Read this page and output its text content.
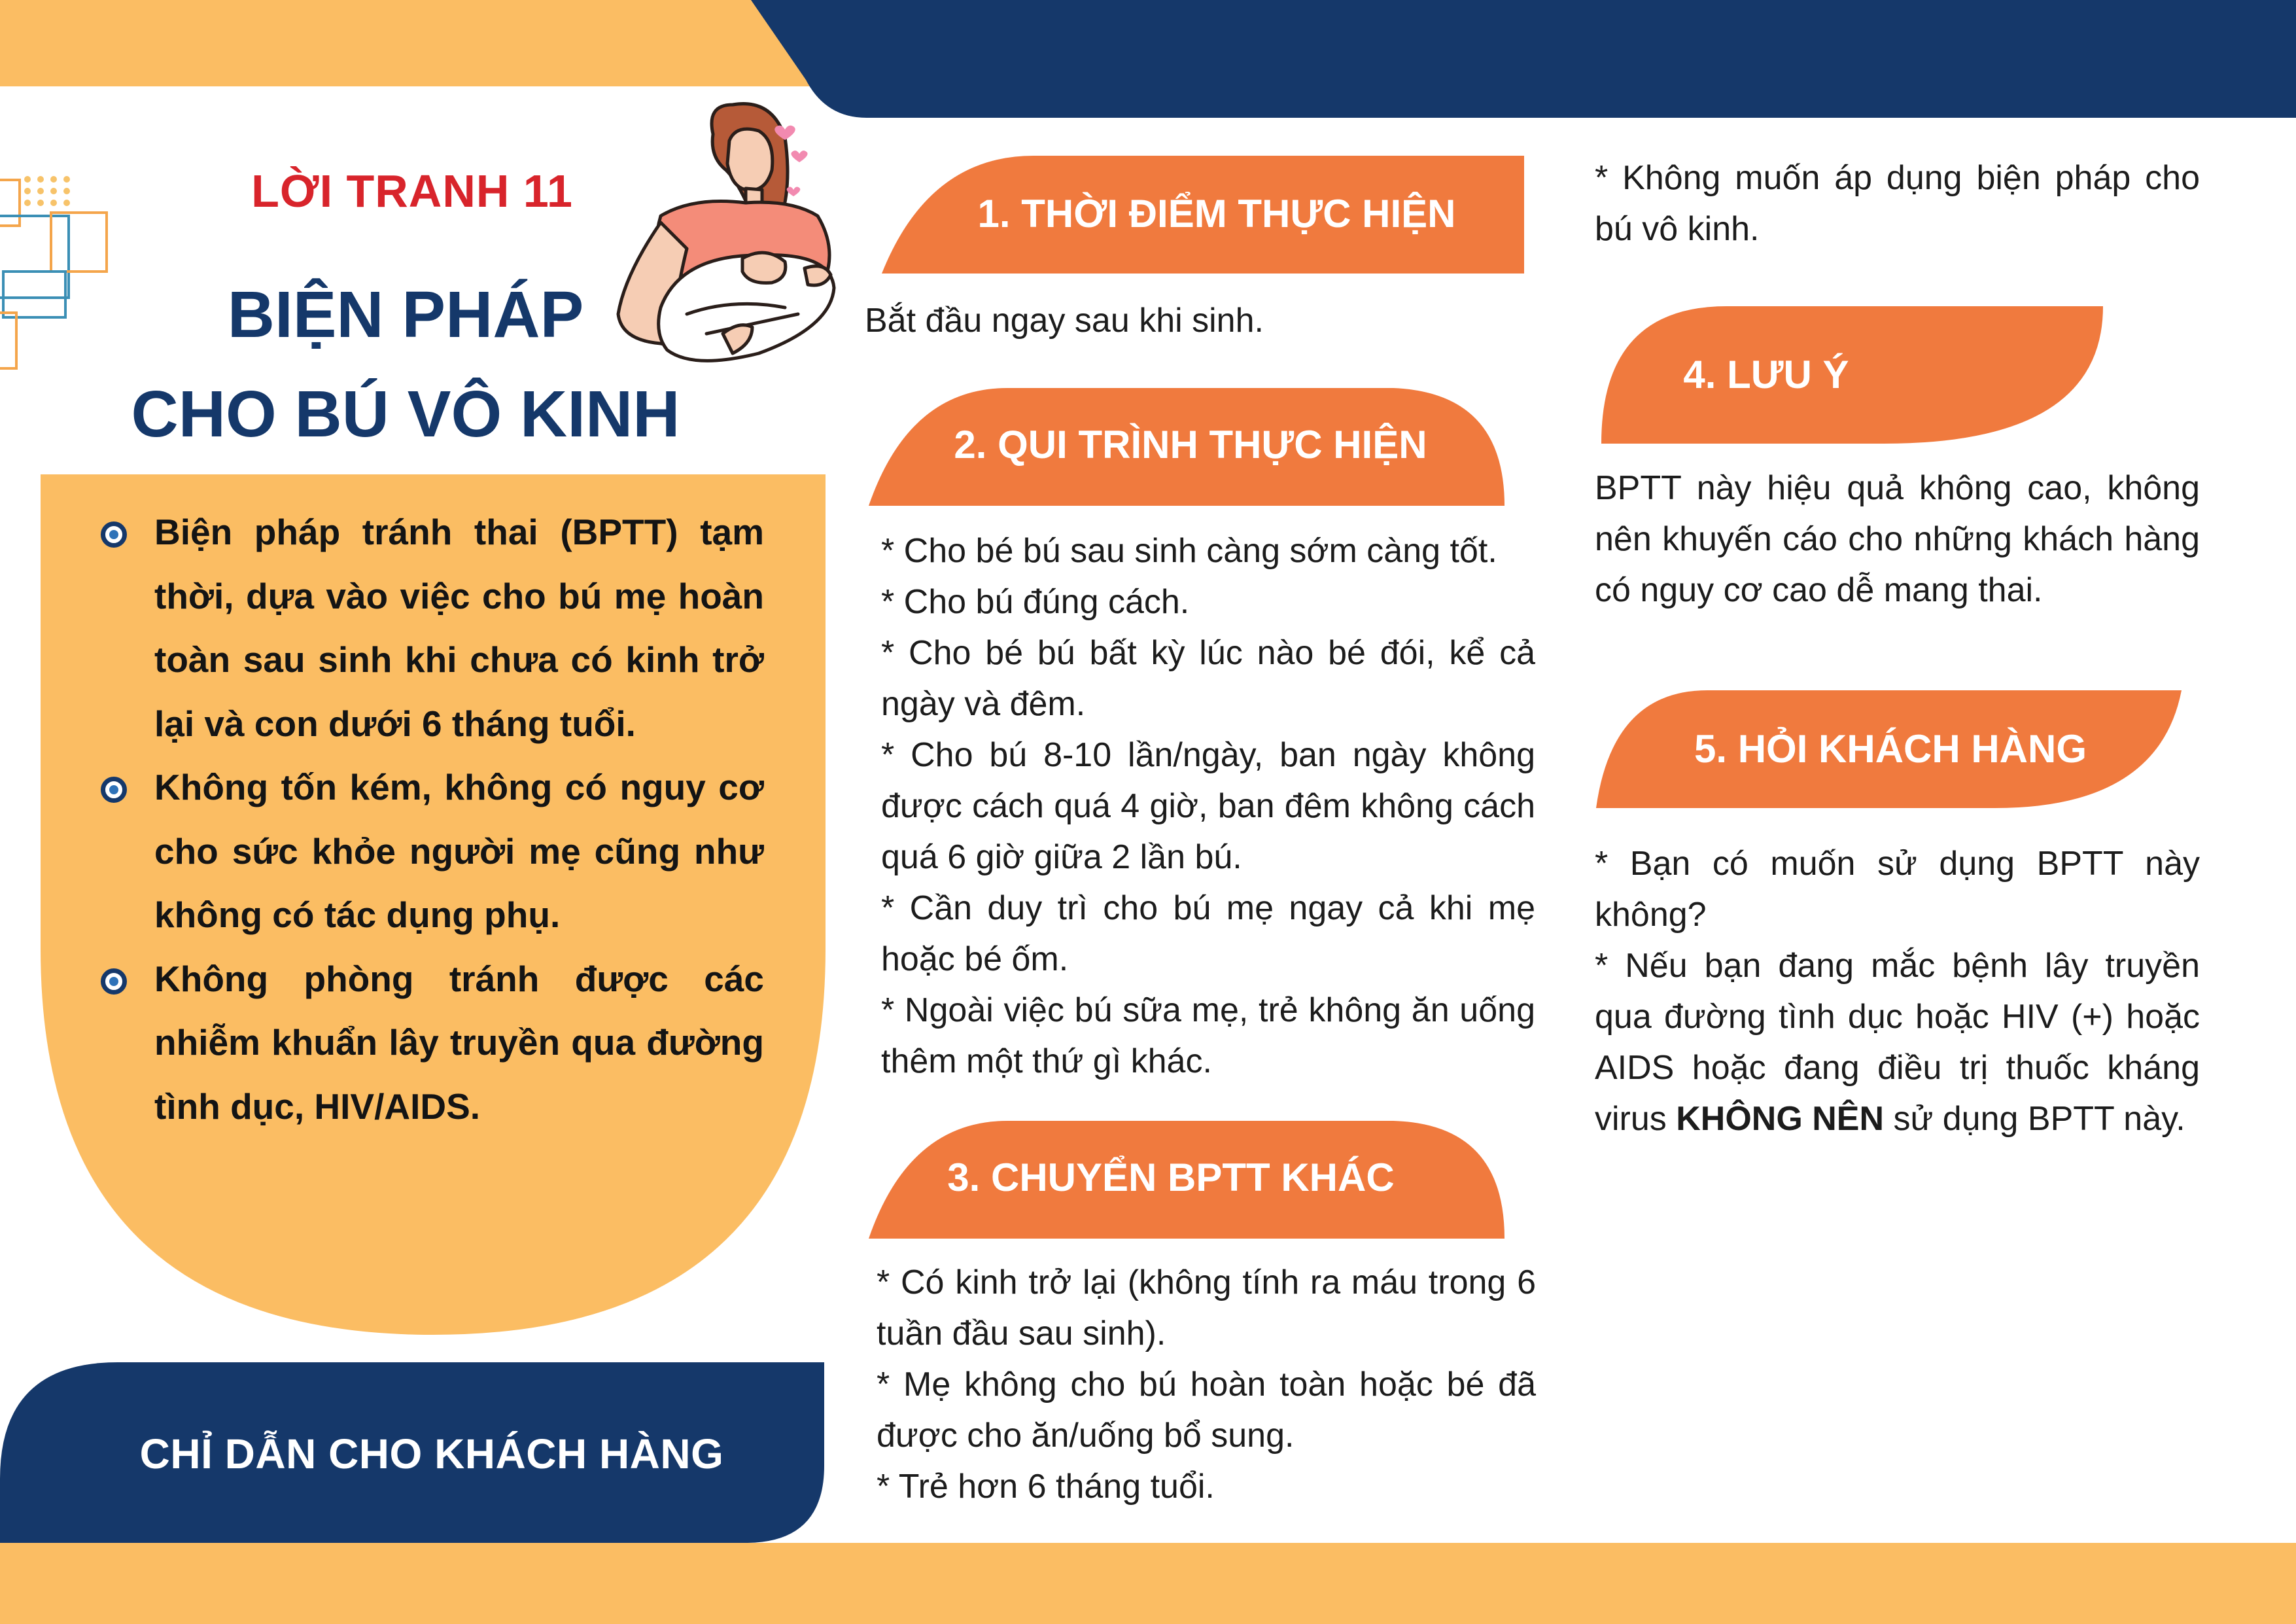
LỜI TRANH 11
BIỆN PHÁP
CHO BÚ VÔ KINH
Biện pháp tránh thai (BPTT) tạm thời, dựa vào việc cho bú mẹ hoàn toàn sau sinh khi chưa có kinh trở lại và con dưới 6 tháng tuổi.
Không tốn kém, không có nguy cơ cho sức khỏe người mẹ cũng như không có tác dụng phụ.
Không phòng tránh được các nhiễm khuẩn lây truyền qua đường tình dục, HIV/AIDS.
CHỈ DẪN CHO KHÁCH HÀNG
1. THỜI ĐIỂM THỰC HIỆN

Bắt đầu ngay sau khi sinh.

2. QUI TRÌNH THỰC HIỆN

* Cho bé bú sau sinh càng sớm càng tốt.

* Cho bú đúng cách.

* Cho bé bú bất kỳ lúc nào bé đói, kể cả ngày và đêm.

* Cho bú 8-10 lần/ngày, ban ngày không được cách quá 4 giờ, ban đêm không cách quá 6 giờ giữa 2 lần bú.

* Cần duy trì cho bú mẹ ngay cả khi mẹ hoặc bé ốm.

* Ngoài việc bú sữa mẹ, trẻ không ăn uống thêm một thứ gì khác.

3. CHUYỂN BPTT KHÁC

* Có kinh trở lại (không tính ra máu trong 6 tuần đầu sau sinh).

* Mẹ không cho bú hoàn toàn hoặc bé đã được cho ăn/uống bổ sung.

* Trẻ hơn 6 tháng tuổi.

* Không muốn áp dụng biện pháp cho bú vô kinh.

4. LƯU Ý

BPTT này hiệu quả không cao, không nên khuyến cáo cho những khách hàng có nguy cơ cao dễ mang thai.

5. HỎI KHÁCH HÀNG

* Bạn có muốn sử dụng BPTT này không?

* Nếu bạn đang mắc bệnh lây truyền qua đường tình dục hoặc HIV (+) hoặc AIDS hoặc đang điều trị thuốc kháng virus KHÔNG NÊN sử dụng BPTT này.
